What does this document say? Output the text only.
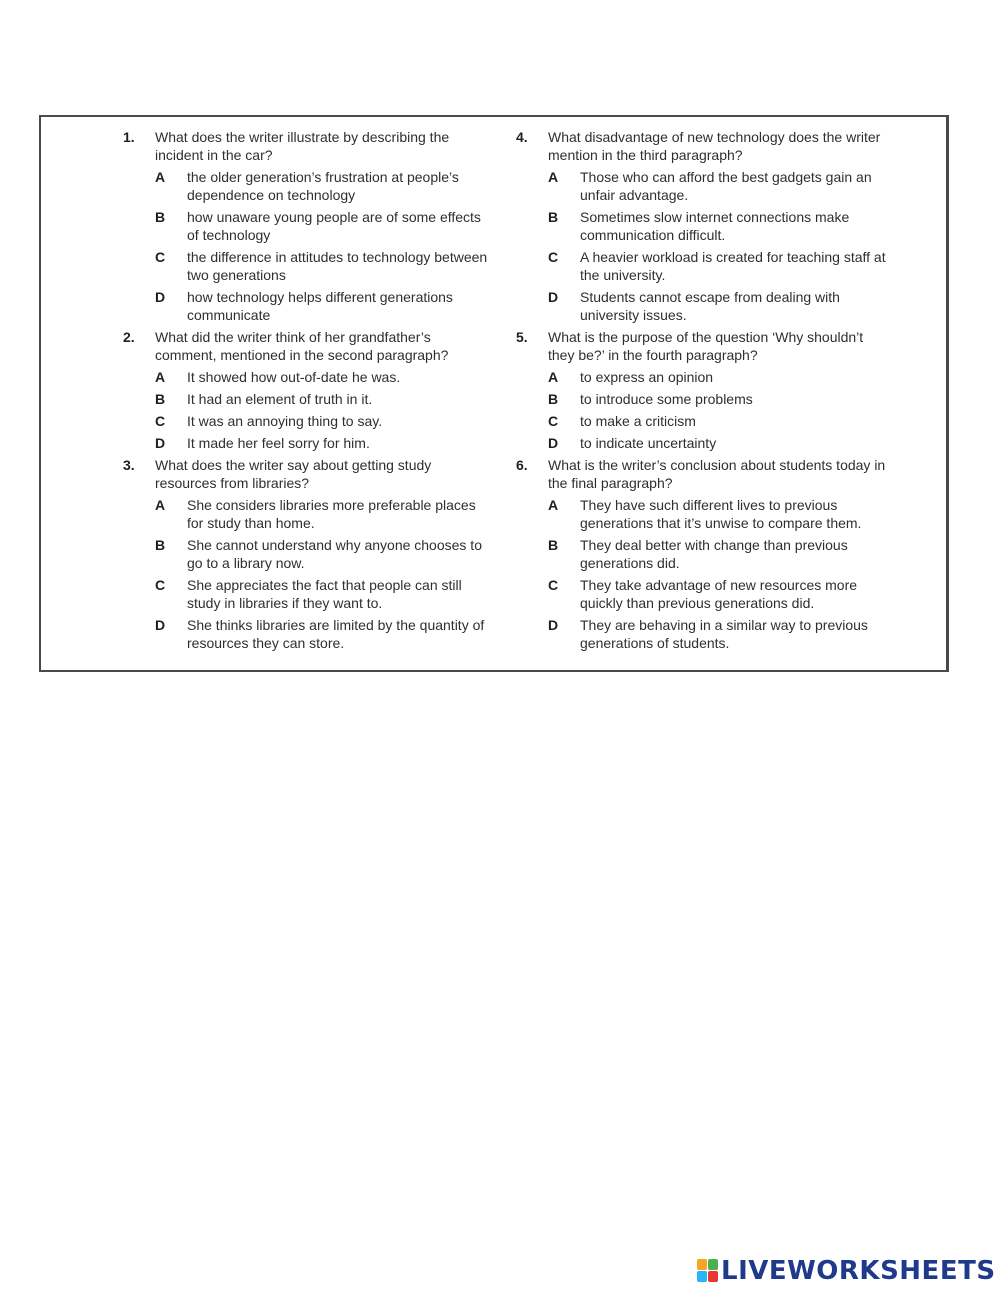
1.	What does the writer illustrate by describing the incident in the car?
A	the older generation’s frustration at people’s dependence on technology
B	how unaware young people are of some effects of technology
C	the difference in attitudes to technology between two generations
D	how technology helps different generations communicate
2.	What did the writer think of her grandfather’s comment, mentioned in the second paragraph?
A	It showed how out-of-date he was.
B	It had an element of truth in it.
C	It was an annoying thing to say.
D	It made her feel sorry for him.
3.	What does the writer say about getting study resources from libraries?
A	She considers libraries more preferable places for study than home.
B	She cannot understand why anyone chooses to go to a library now.
C	She appreciates the fact that people can still study in libraries if they want to.
D	She thinks libraries are limited by the quantity of resources they can store.
4.	What disadvantage of new technology does the writer mention in the third paragraph?
A	Those who can afford the best gadgets gain an unfair advantage.
B	Sometimes slow internet connections make communication difficult.
C	A heavier workload is created for teaching staff at the university.
D	Students cannot escape from dealing with university issues.
5.	What is the purpose of the question ‘Why shouldn’t they be?’ in the fourth paragraph?
A	to express an opinion
B	to introduce some problems
C	to make a criticism
D	to indicate uncertainty
6.	What is the writer’s conclusion about students today in the final paragraph?
A	They have such different lives to previous generations that it’s unwise to compare them.
B	They deal better with change than previous generations did.
C	They take advantage of new resources more quickly than previous generations did.
D	They are behaving in a similar way to previous generations of students.
LIVEWORKSHEETS
